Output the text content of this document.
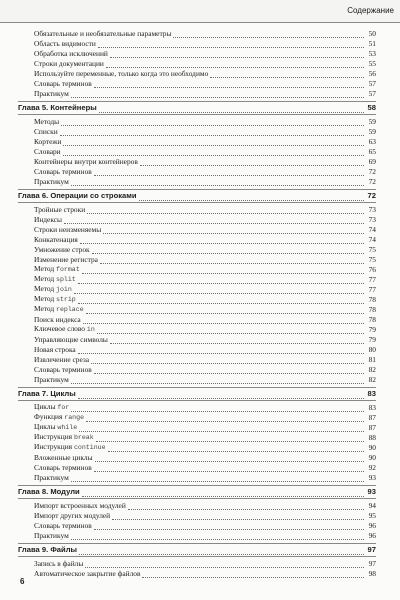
Содержание
Обязательные и необязательные параметры	50
Область видимости	51
Обработка исключений	53
Строки документации	55
Используйте переменные, только когда это необходимо	56
Словарь терминов	57
Практикум	57
Глава 5. Контейнеры	58
Методы	59
Списки	59
Кортежи	63
Словари	65
Контейнеры внутри контейнеров	69
Словарь терминов	72
Практикум	72
Глава 6. Операции со строками	72
Тройные строки	73
Индексы	73
Строки неизменяемы	74
Конкатенация	74
Умножение строк	75
Изменение регистра	75
Метод format	76
Метод split	77
Метод join	77
Метод strip	78
Метод replace	78
Поиск индекса	78
Ключевое слово in	79
Управляющие символы	79
Новая строка	80
Извлечение среза	81
Словарь терминов	82
Практикум	82
Глава 7. Циклы	83
Циклы for	83
Функция range	87
Циклы while	87
Инструкция break	88
Инструкция continue	90
Вложенные циклы	90
Словарь терминов	92
Практикум	93
Глава 8. Модули	93
Импорт встроенных модулей	94
Импорт других модулей	95
Словарь терминов	96
Практикум	96
Глава 9. Файлы	97
Запись в файлы	97
Автоматическое закрытие файлов	98
6
